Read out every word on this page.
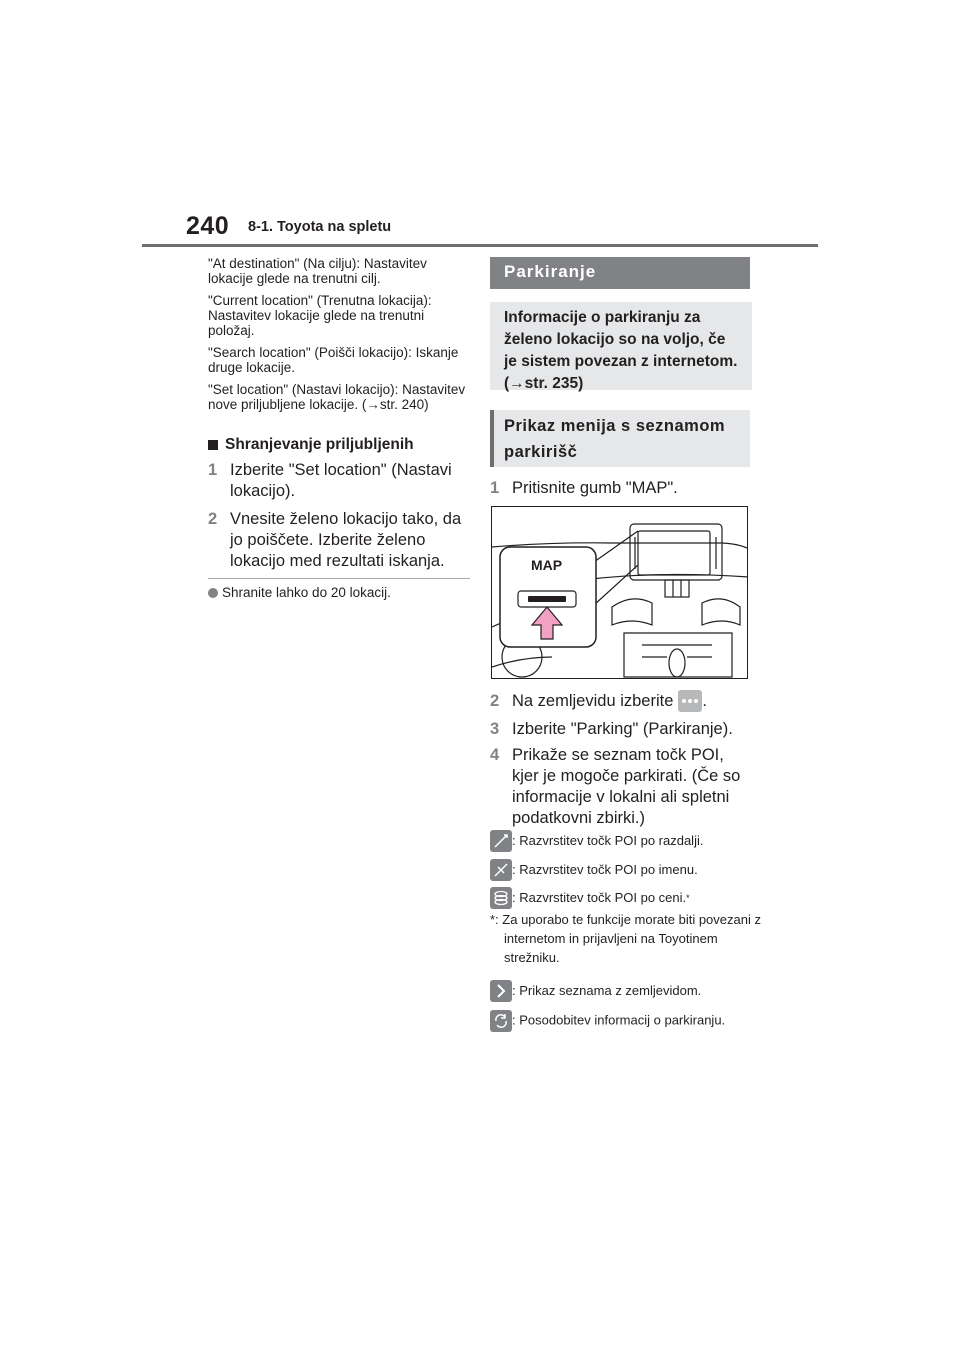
240 8-1. Toyota na spletu

"At destination" (Na cilju): Nastavitev lokacije glede na trenutni cilj.

"Current location" (Trenutna lokacija): Nastavitev lokacije glede na trenutni položaj.

"Search location" (Poišči lokacijo): Iskanje druge lokacije.

"Set location" (Nastavi lokacijo): Nastavitev nove priljubljene lokacije. (→str. 240)

Shranjevanje priljubljenih
1 Izberite "Set location" (Nastavi lokacijo).
2 Vnesite želeno lokacijo tako, da jo poiščete. Izberite želeno lokacijo med rezultati iskanja.
Shranite lahko do 20 lokacij.
Parkiranje
Informacije o parkiranju za želeno lokacijo so na voljo, če je sistem povezan z internetom. (→str. 235)
Prikaz menija s seznamom parkirišč
1 Pritisnite gumb "MAP".
MAP
2 Na zemljevidu izberite .
3 Izberite "Parking" (Parkiranje).
4 Prikaže se seznam točk POI, kjer je mogoče parkirati. (Če so informacije v lokalni ali spletni podatkovni zbirki.)
: Razvrstitev točk POI po razdalji.
: Razvrstitev točk POI po imenu.
: Razvrstitev točk POI po ceni. *
*: Za uporabo te funkcije morate biti povezani z internetom in prijavljeni na Toyotinem strežniku.
: Prikaz seznama z zemljevidom.
: Posodobitev informacij o parkiranju.
